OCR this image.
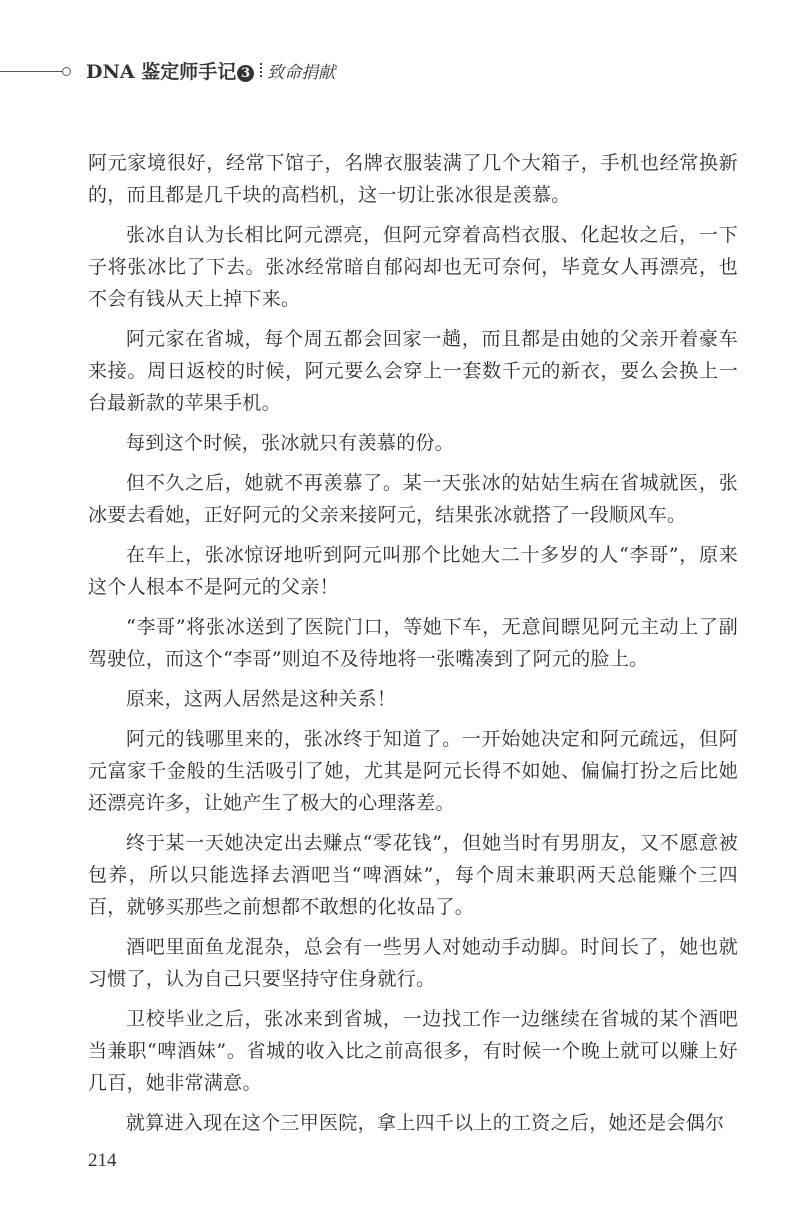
DNA 鉴定师手记 3 致命捐献

阿元家境很好，经常下馆子，名牌衣服装满了几个大箱子，手机也经常换新的，而且都是几千块的高档机，这一切让张冰很是羡慕。

张冰自认为长相比阿元漂亮，但阿元穿着高档衣服、化起妆之后，一下子将张冰比了下去。张冰经常暗自郁闷却也无可奈何，毕竟女人再漂亮，也不会有钱从天上掉下来。

阿元家在省城，每个周五都会回家一趟，而且都是由她的父亲开着豪车来接。周日返校的时候，阿元要么会穿上一套数千元的新衣，要么会换上一台最新款的苹果手机。

每到这个时候，张冰就只有羡慕的份。

但不久之后，她就不再羡慕了。某一天张冰的姑姑生病在省城就医，张冰要去看她，正好阿元的父亲来接阿元，结果张冰就搭了一段顺风车。

在车上，张冰惊讶地听到阿元叫那个比她大二十多岁的人“李哥”，原来这个人根本不是阿元的父亲！

“李哥”将张冰送到了医院门口，等她下车，无意间瞟见阿元主动上了副驾驶位，而这个“李哥”则迫不及待地将一张嘴凑到了阿元的脸上。

原来，这两人居然是这种关系！

阿元的钱哪里来的，张冰终于知道了。一开始她决定和阿元疏远，但阿元富家千金般的生活吸引了她，尤其是阿元长得不如她、偏偏打扮之后比她还漂亮许多，让她产生了极大的心理落差。

终于某一天她决定出去赚点“零花钱”，但她当时有男朋友，又不愿意被包养，所以只能选择去酒吧当“啤酒妹”，每个周末兼职两天总能赚个三四百，就够买那些之前想都不敢想的化妆品了。

酒吧里面鱼龙混杂，总会有一些男人对她动手动脚。时间长了，她也就习惯了，认为自己只要坚持守住身就行。

卫校毕业之后，张冰来到省城，一边找工作一边继续在省城的某个酒吧当兼职“啤酒妹”。省城的收入比之前高很多，有时候一个晚上就可以赚上好几百，她非常满意。

就算进入现在这个三甲医院，拿上四千以上的工资之后，她还是会偶尔

214
